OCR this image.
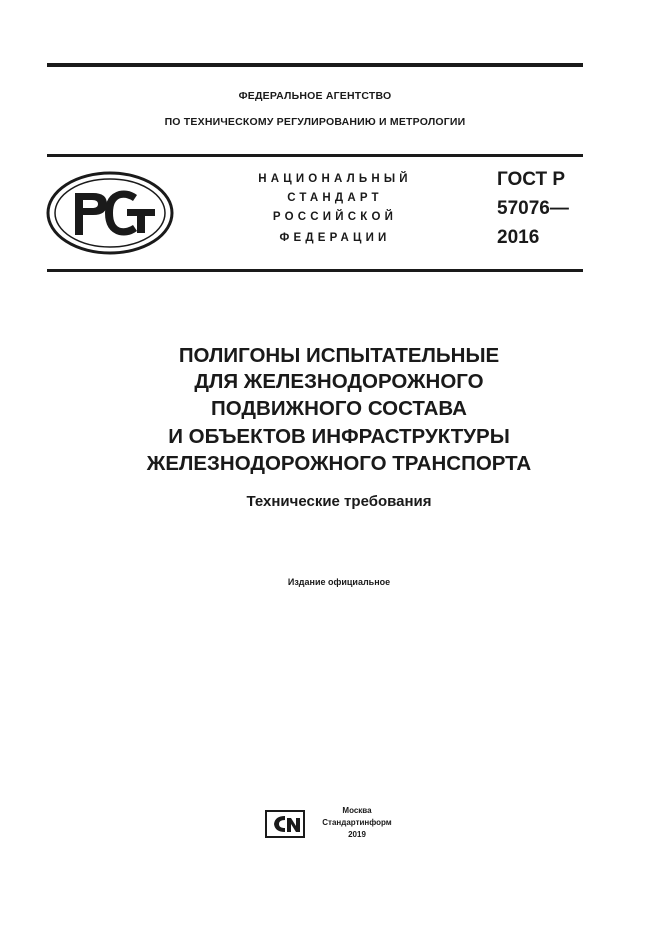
ФЕДЕРАЛЬНОЕ АГЕНТСТВО
ПО ТЕХНИЧЕСКОМУ РЕГУЛИРОВАНИЮ И МЕТРОЛОГИИ
НАЦИОНАЛЬНЫЙ
СТАНДАРТ
РОССИЙСКОЙ
ФЕДЕРАЦИИ
ГОСТ Р
57076—
2016
ПОЛИГОНЫ ИСПЫТАТЕЛЬНЫЕ
ДЛЯ ЖЕЛЕЗНОДОРОЖНОГО
ПОДВИЖНОГО СОСТАВА
И ОБЪЕКТОВ ИНФРАСТРУКТУРЫ
ЖЕЛЕЗНОДОРОЖНОГО ТРАНСПОРТА
Технические требования
Издание официальное
Москва
Стандартинформ
2019
